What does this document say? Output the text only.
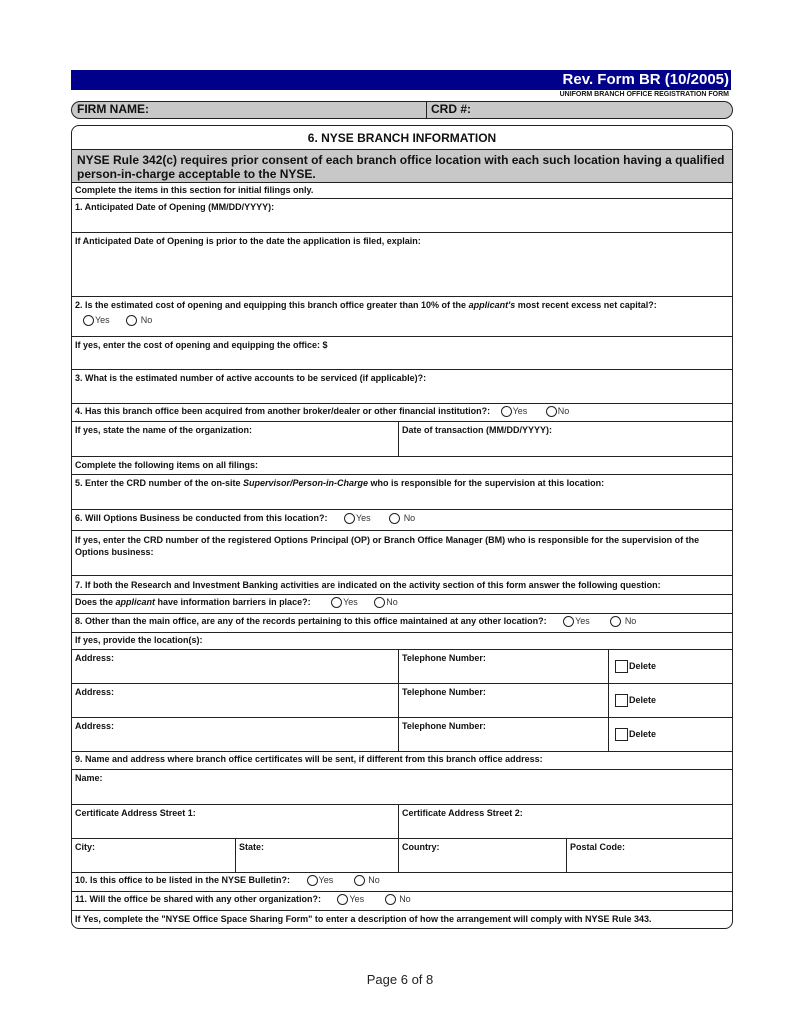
Rev. Form BR (10/2005)
UNIFORM BRANCH OFFICE REGISTRATION FORM
FIRM NAME:	CRD #:
6. NYSE BRANCH INFORMATION
NYSE Rule 342(c) requires prior consent of each branch office location with each such location having a qualified person-in-charge acceptable to the NYSE.
Complete the items in this section for initial filings only.
1. Anticipated Date of Opening (MM/DD/YYYY):
If Anticipated Date of Opening is prior to the date the application is filed, explain:
2. Is the estimated cost of opening and equipping this branch office greater than 10% of the applicant's most recent excess net capital?:
Yes	No
If yes, enter the cost of opening and equipping the office: $
3. What is the estimated number of active accounts to be serviced (if applicable)?:
4. Has this branch office been acquired from another broker/dealer or other financial institution?:	Yes	No
If yes, state the name of the organization:	Date of transaction (MM/DD/YYYY):
Complete the following items on all filings:
5. Enter the CRD number of the on-site Supervisor/Person-in-Charge who is responsible for the supervision at this location:
6. Will Options Business be conducted from this location?:	Yes	No
If yes, enter the CRD number of the registered Options Principal (OP) or Branch Office Manager (BM) who is responsible for the supervision of the Options business:
7. If both the Research and Investment Banking activities are indicated on the activity section of this form answer the following question:
Does the applicant have information barriers in place?:	Yes	No
8. Other than the main office, are any of the records pertaining to this office maintained at any other location?:	Yes	No
If yes, provide the location(s):
Address:	Telephone Number:
Delete
Address:	Telephone Number:
Delete
Address:	Telephone Number:
Delete
9. Name and address where branch office certificates will be sent, if different from this branch office address:
Name:
Certificate Address Street 1:	Certificate Address Street 2:
City:	State:	Country:	Postal Code:
10. Is this office to be listed in the NYSE Bulletin?:	Yes	No
11. Will the office be shared with any other organization?:	Yes	No
If Yes, complete the "NYSE Office Space Sharing Form" to enter a description of how the arrangement will comply with NYSE Rule 343.
Page 6 of 8
